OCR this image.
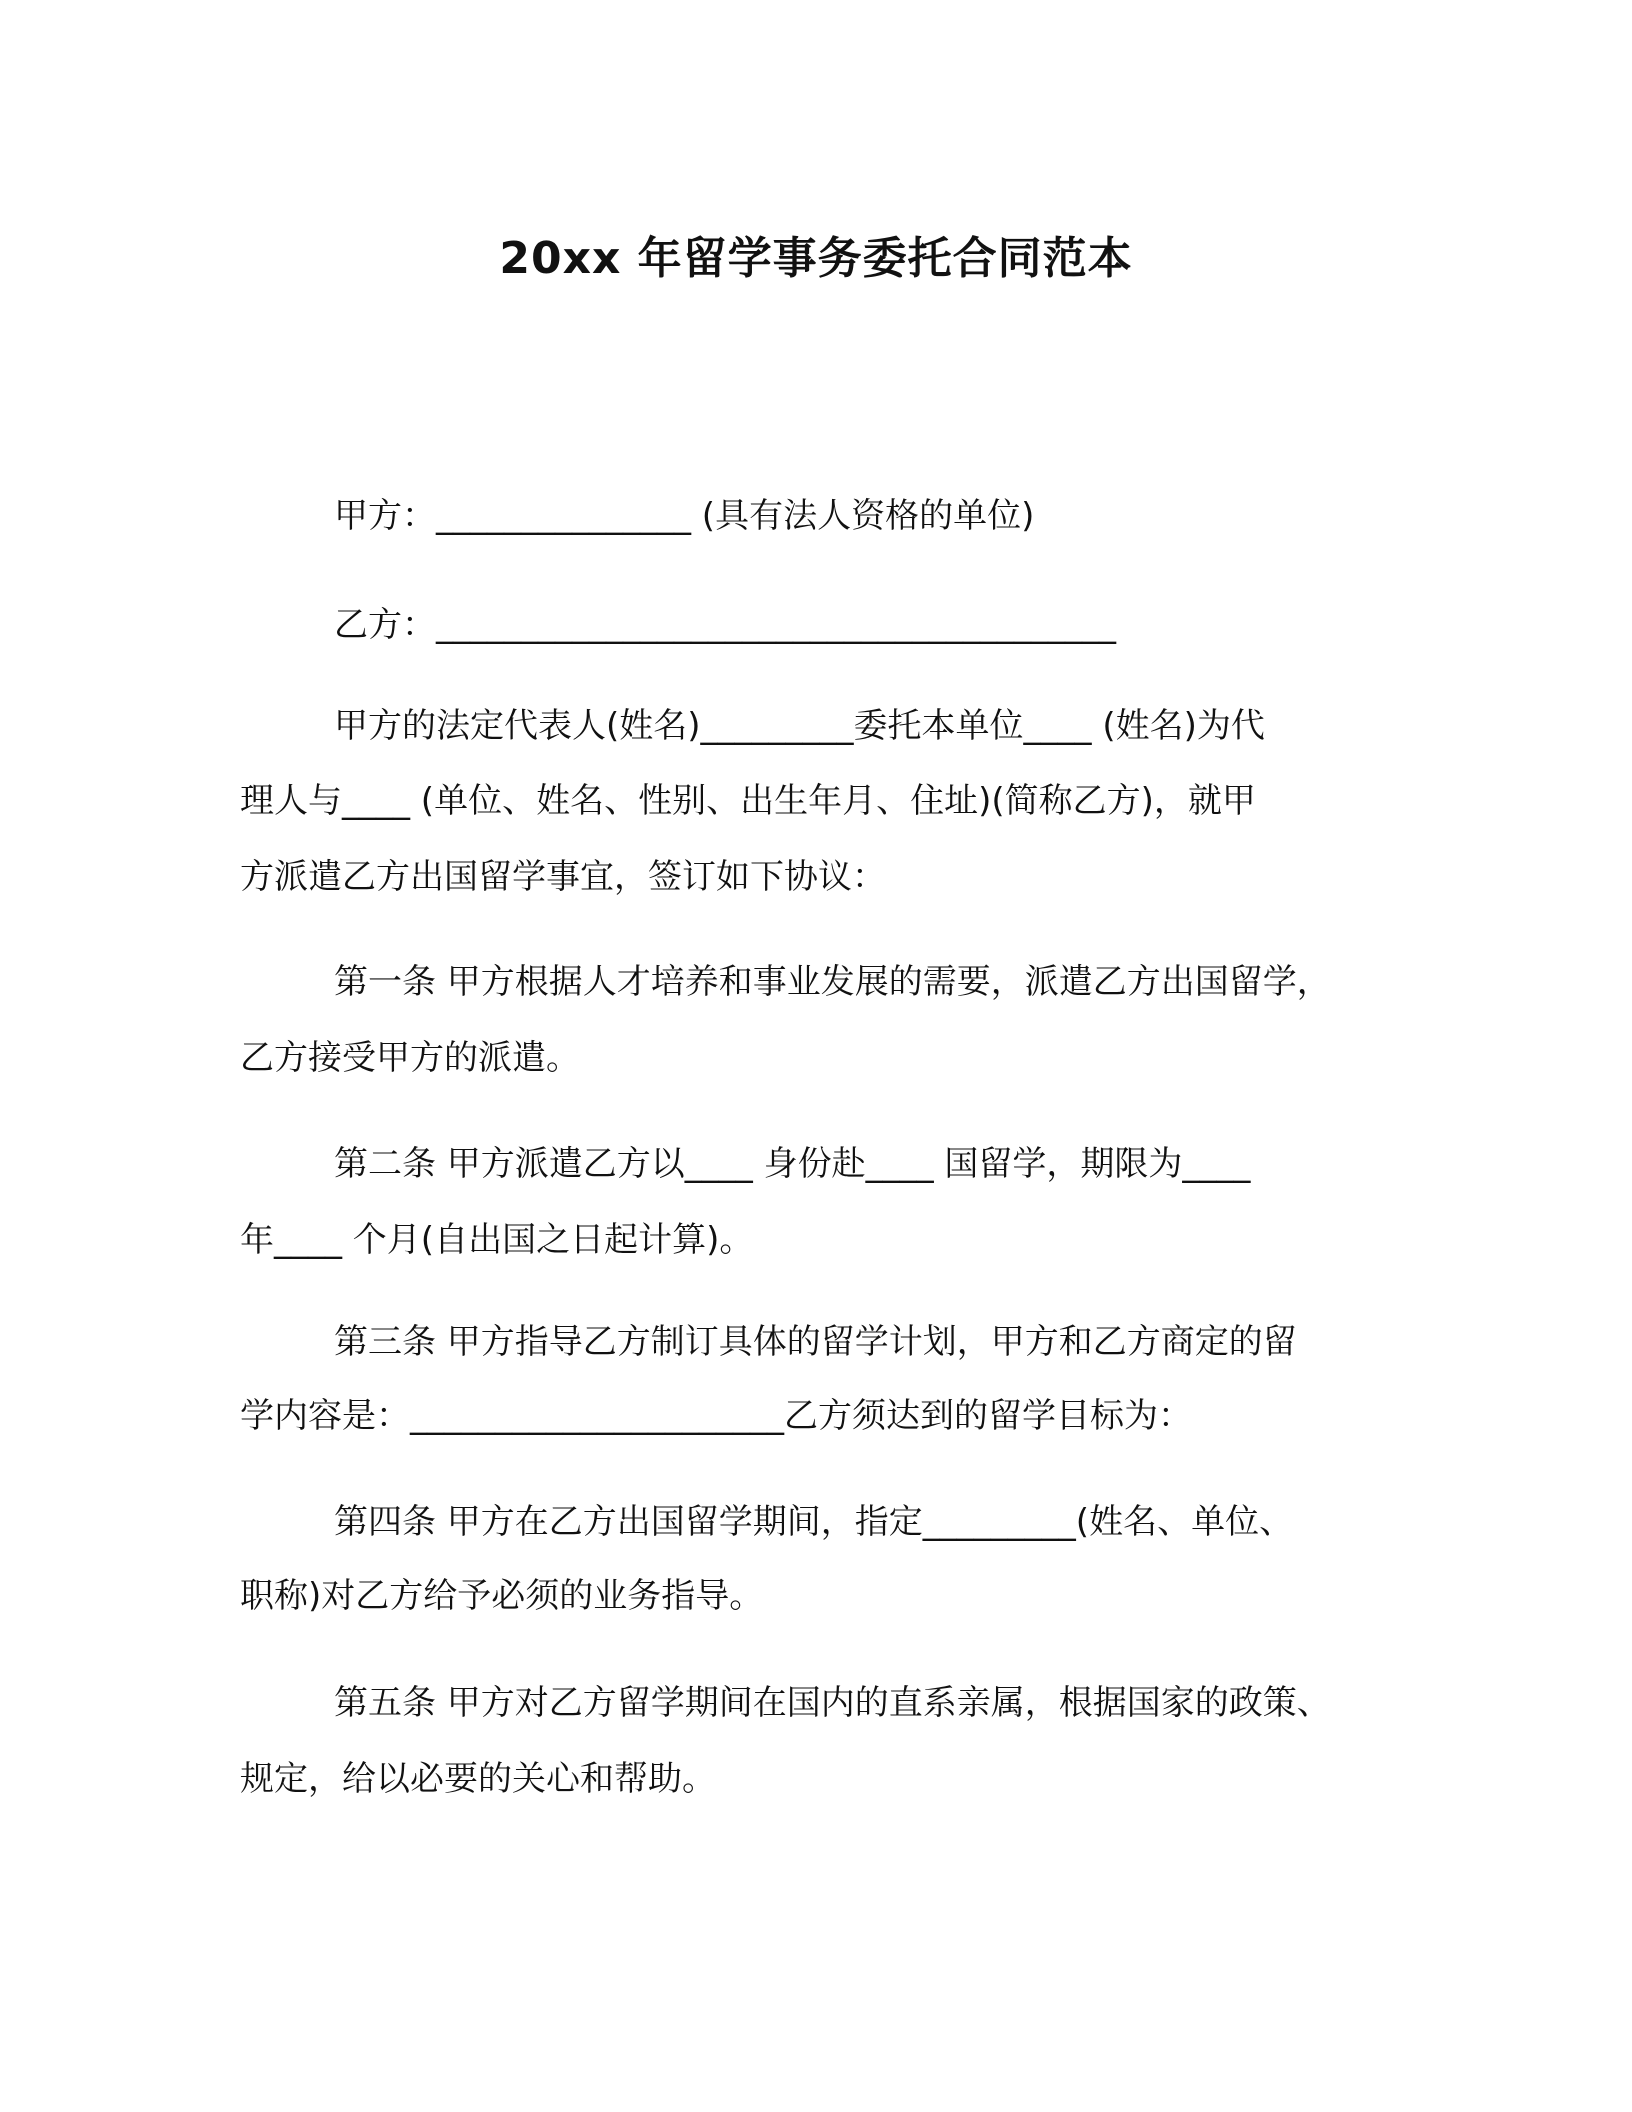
20xx 年留学事务委托合同范本
甲方：_______________ (具有法人资格的单位)
乙方：________________________________________
甲方的法定代表人(姓名)_________委托本单位____ (姓名)为代
理人与____ (单位、姓名、性别、出生年月、住址)(简称乙方)，就甲
方派遣乙方出国留学事宜，签订如下协议：
第一条 甲方根据人才培养和事业发展的需要，派遣乙方出国留学，
乙方接受甲方的派遣。
第二条 甲方派遣乙方以____ 身份赴____ 国留学，期限为____
年____ 个月(自出国之日起计算)。
第三条 甲方指导乙方制订具体的留学计划，甲方和乙方商定的留
学内容是：______________________乙方须达到的留学目标为：
第四条 甲方在乙方出国留学期间，指定_________(姓名、单位、
职称)对乙方给予必须的业务指导。
第五条 甲方对乙方留学期间在国内的直系亲属，根据国家的政策、
规定，给以必要的关心和帮助。
